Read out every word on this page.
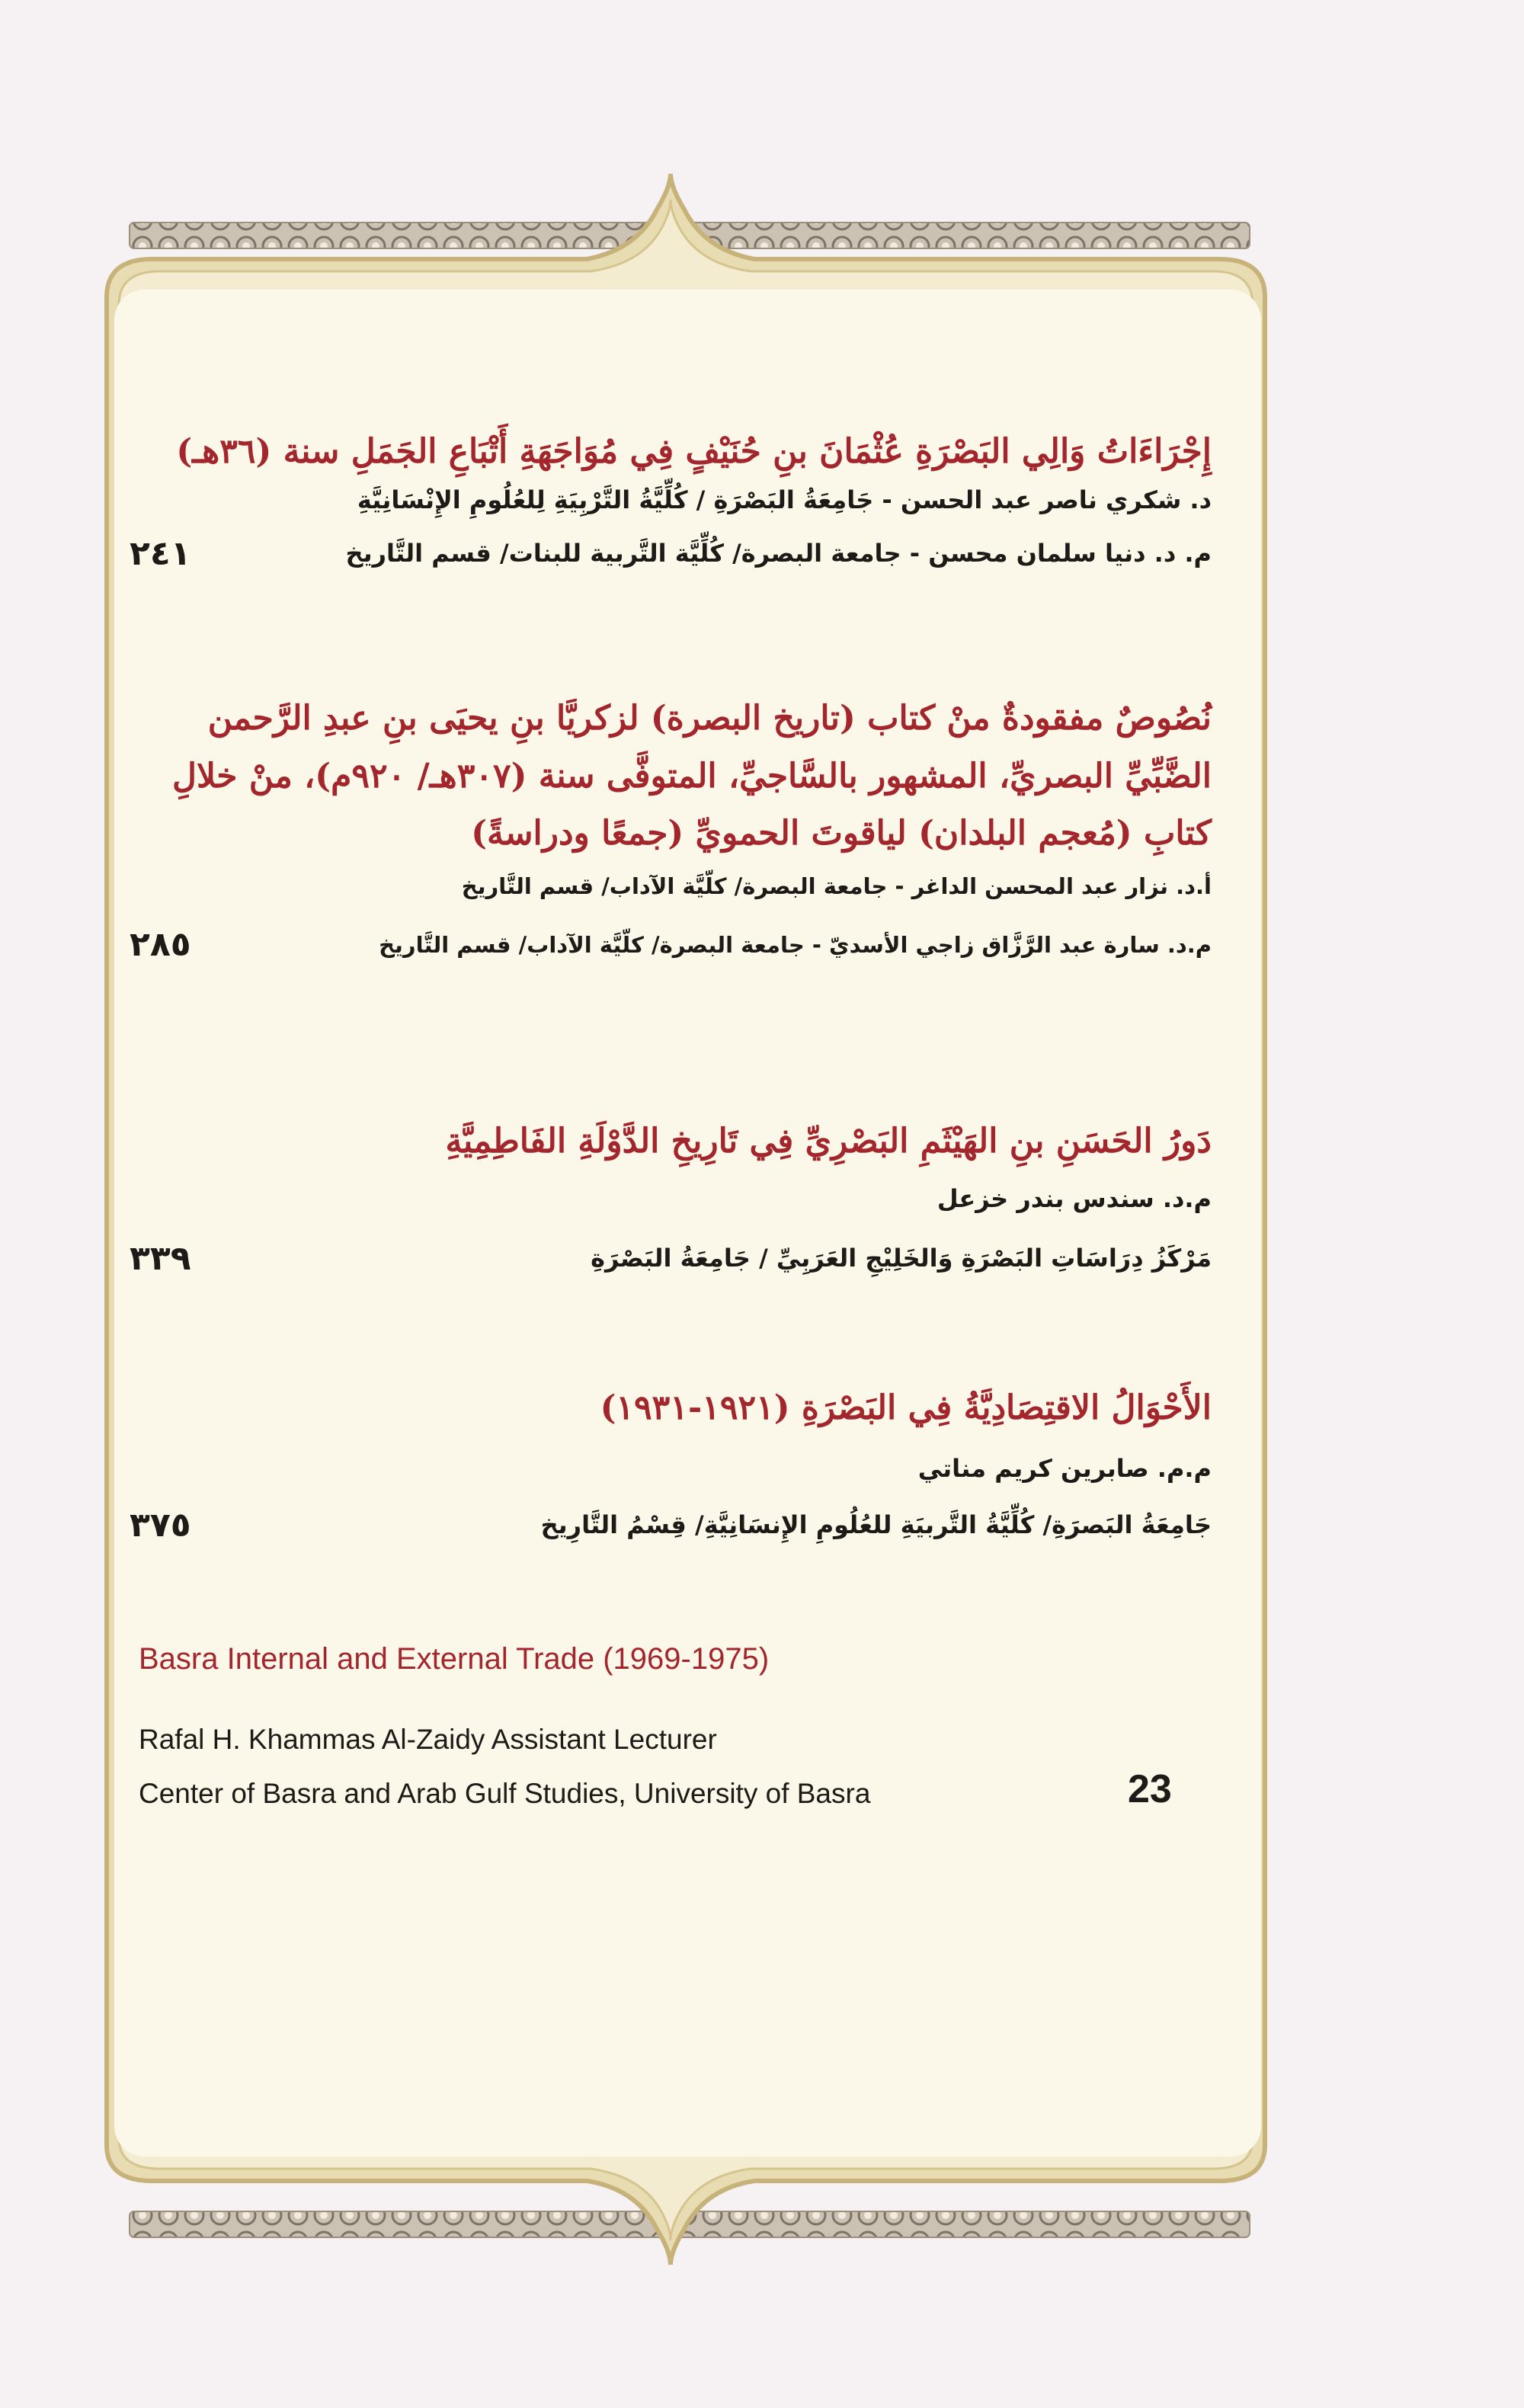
إِجْرَاءَاتُ وَالِي البَصْرَةِ عُثْمَانَ بنِ حُنَيْفٍ فِي مُوَاجَهَةِ أَتْبَاعِ الجَمَلِ سنة (٣٦هـ)

د. شكري ناصر عبد الحسن - جَامِعَةُ البَصْرَةِ / كُلِّيَّةُ التَّرْبِيَةِ لِلعُلُومِ الإِنْسَانِيَّةِ

م. د. دنيا سلمان محسن - جامعة البصرة/ كُلِّيَّة التَّربية للبنات/ قسم التَّاريخ

٢٤١

نُصُوصٌ مفقودةٌ منْ كتاب (تاريخ البصرة) لزكريَّا بنِ يحيَى بنِ عبدِ الرَّحمن

الضَّبِّيِّ البصريِّ، المشهور بالسَّاجيِّ، المتوفَّى سنة (٣٠٧هـ/ ٩٢٠م)، منْ خلالِ

كتابِ (مُعجم البلدان) لياقوتَ الحمويِّ (جمعًا ودراسةً)

أ.د. نزار عبد المحسن الداغر - جامعة البصرة/ كلّيَّة الآداب/ قسم التَّاريخ

م.د. سارة عبد الرَّزَّاق زاجي الأسديّ - جامعة البصرة/ كلّيَّة الآداب/ قسم التَّاريخ

٢٨٥

دَورُ الحَسَنِ بنِ الهَيْثَمِ البَصْرِيِّ فِي تَارِيخِ الدَّوْلَةِ الفَاطِمِيَّةِ

م.د. سندس بندر خزعل

مَرْكَزُ دِرَاسَاتِ البَصْرَةِ وَالخَلِيْجِ العَرَبِيِّ / جَامِعَةُ البَصْرَةِ

٣٣٩

الأَحْوَالُ الاقتِصَادِيَّةُ فِي البَصْرَةِ (١٩٢١-١٩٣١)

م.م. صابرين كريم مناتي

جَامِعَةُ البَصرَةِ/ كُلِّيَّةُ التَّربيَةِ للعُلُومِ الإِنسَانِيَّةِ/ قِسْمُ التَّارِيخ

٣٧٥

Basra Internal and External Trade (1969-1975)

Rafal H. Khammas Al-Zaidy Assistant Lecturer

Center of Basra and Arab Gulf Studies, University of Basra	23
